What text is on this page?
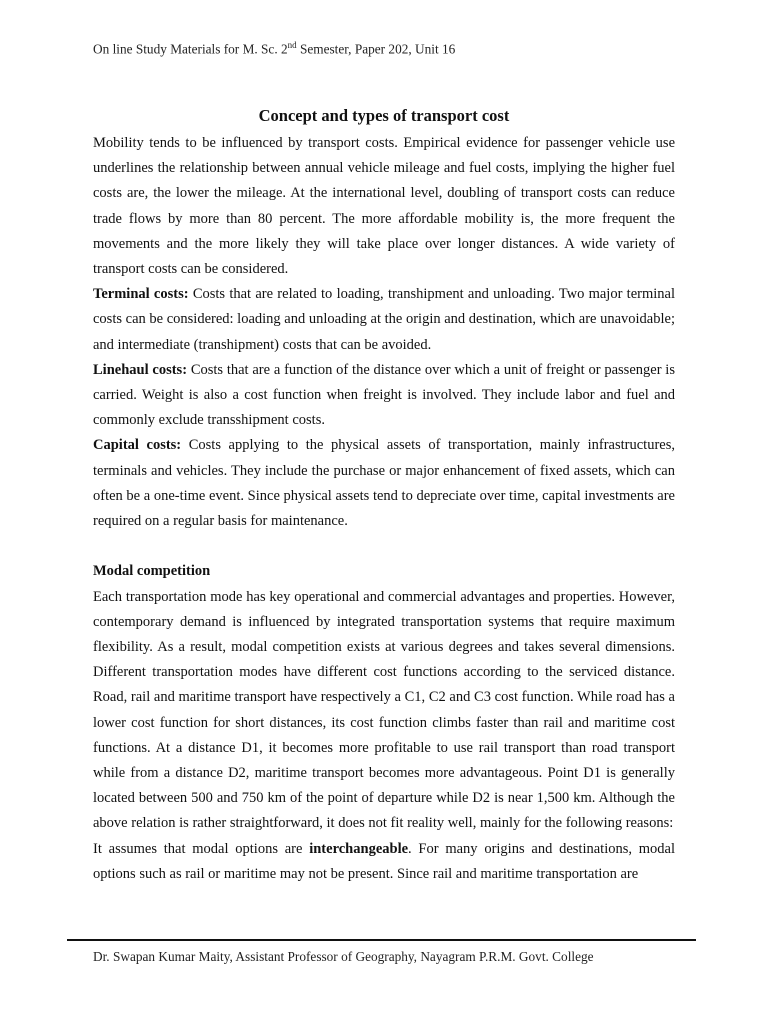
On line Study Materials for M. Sc. 2nd Semester, Paper 202, Unit 16
Concept and types of transport cost

Mobility tends to be influenced by transport costs. Empirical evidence for passenger vehicle use underlines the relationship between annual vehicle mileage and fuel costs, implying the higher fuel costs are, the lower the mileage. At the international level, doubling of transport costs can reduce trade flows by more than 80 percent. The more affordable mobility is, the more frequent the movements and the more likely they will take place over longer distances. A wide variety of transport costs can be considered.

Terminal costs: Costs that are related to loading, transhipment and unloading. Two major terminal costs can be considered: loading and unloading at the origin and destination, which are unavoidable; and intermediate (transhipment) costs that can be avoided.

Linehaul costs: Costs that are a function of the distance over which a unit of freight or passenger is carried. Weight is also a cost function when freight is involved. They include labor and fuel and commonly exclude transshipment costs.

Capital costs: Costs applying to the physical assets of transportation, mainly infrastructures, terminals and vehicles. They include the purchase or major enhancement of fixed assets, which can often be a one-time event. Since physical assets tend to depreciate over time, capital investments are required on a regular basis for maintenance.

Modal competition

Each transportation mode has key operational and commercial advantages and properties. However, contemporary demand is influenced by integrated transportation systems that require maximum flexibility. As a result, modal competition exists at various degrees and takes several dimensions. Different transportation modes have different cost functions according to the serviced distance. Road, rail and maritime transport have respectively a C1, C2 and C3 cost function. While road has a lower cost function for short distances, its cost function climbs faster than rail and maritime cost functions. At a distance D1, it becomes more profitable to use rail transport than road transport while from a distance D2, maritime transport becomes more advantageous. Point D1 is generally located between 500 and 750 km of the point of departure while D2 is near 1,500 km. Although the above relation is rather straightforward, it does not fit reality well, mainly for the following reasons:

It assumes that modal options are interchangeable. For many origins and destinations, modal options such as rail or maritime may not be present. Since rail and maritime transportation are

Dr. Swapan Kumar Maity, Assistant Professor of Geography, Nayagram P.R.M. Govt. College
